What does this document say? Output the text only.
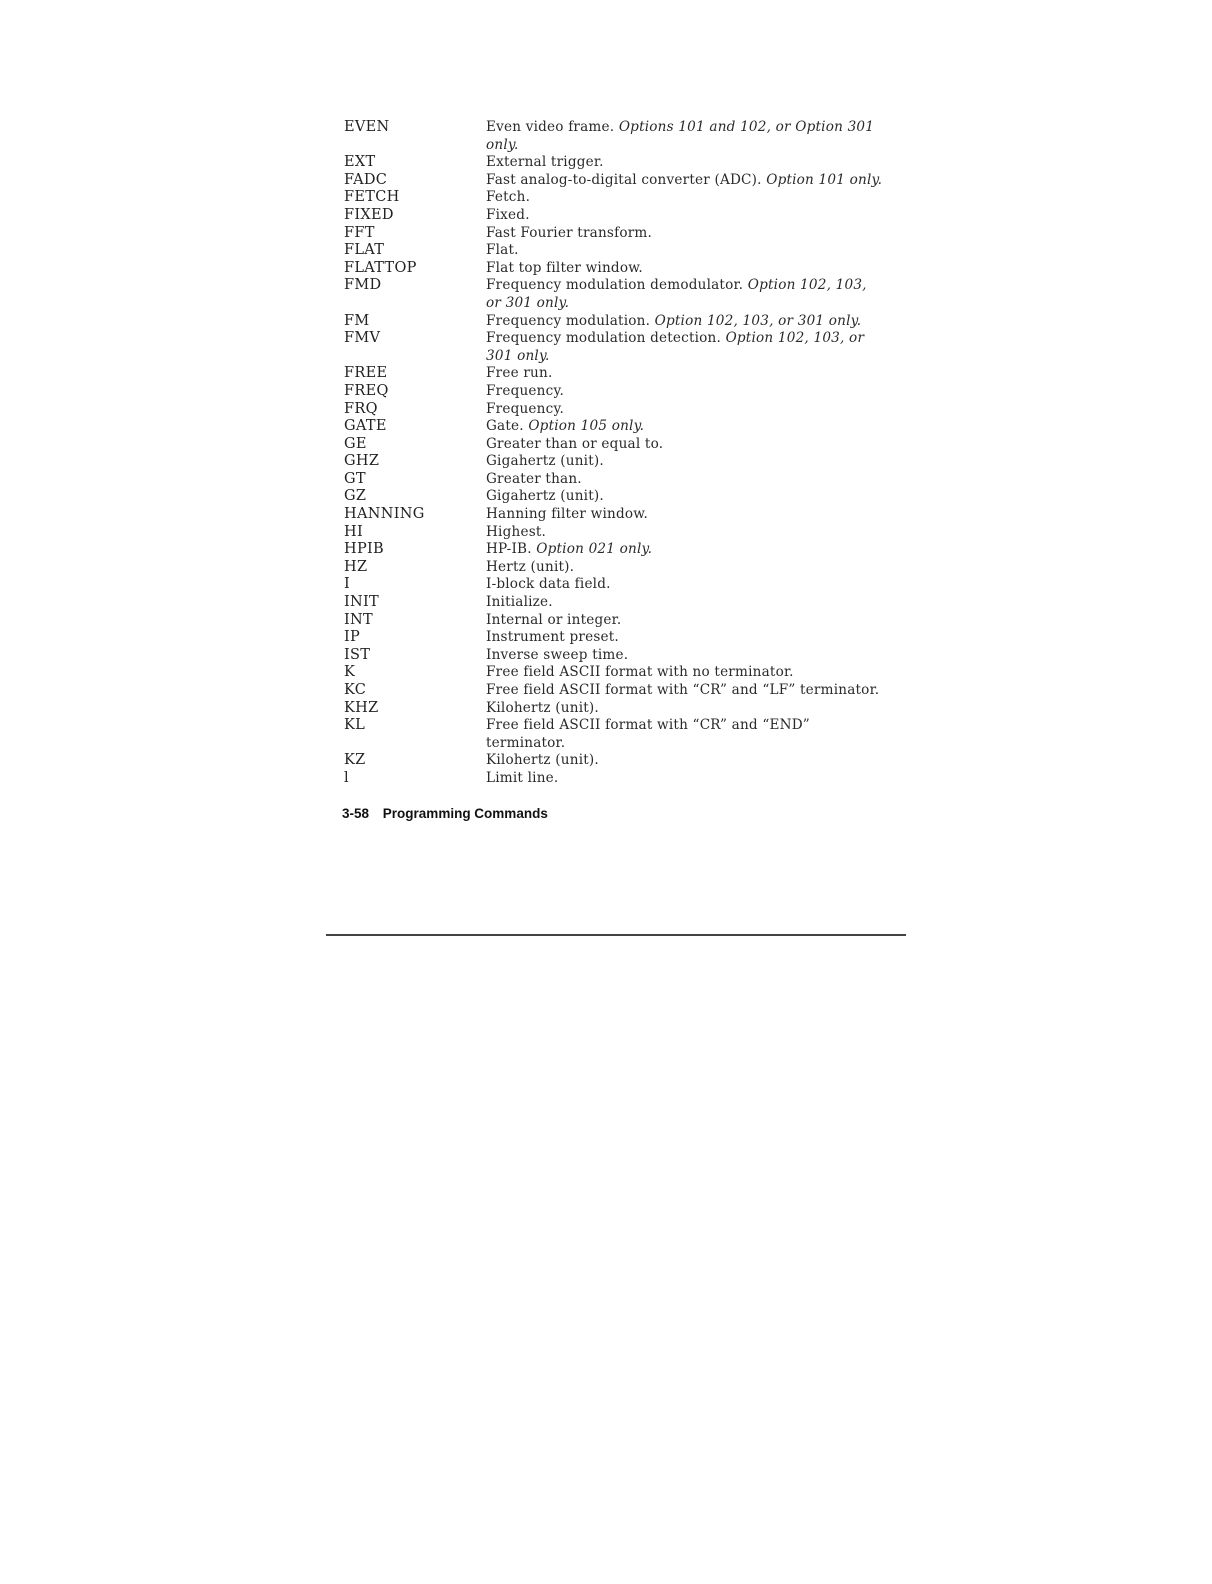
EVEN	Even video frame. Options 101 and 102, or Option 301 only.
EXT	External trigger.
FADC	Fast analog-to-digital converter (ADC). Option 101 only.
FETCH	Fetch.
FIXED	Fixed.
FFT	Fast Fourier transform.
FLAT	Flat.
FLATTOP	Flat top filter window.
FMD	Frequency modulation demodulator. Option 102, 103, or 301 only.
FM	Frequency modulation. Option 102, 103, or 301 only.
FMV	Frequency modulation detection. Option 102, 103, or 301 only.
FREE	Free run.
FREQ	Frequency.
FRQ	Frequency.
GATE	Gate. Option 105 only.
GE	Greater than or equal to.
GHZ	Gigahertz (unit).
GT	Greater than.
GZ	Gigahertz (unit).
HANNING	Hanning filter window.
HI	Highest.
HPIB	HP-IB. Option 021 only.
HZ	Hertz (unit).
I	I-block data field.
INIT	Initialize.
INT	Internal or integer.
IP	Instrument preset.
IST	Inverse sweep time.
K	Free field ASCII format with no terminator.
KC	Free field ASCII format with “CR” and “LF” terminator.
KHZ	Kilohertz (unit).
KL	Free field ASCII format with “CR” and “END” terminator.
KZ	Kilohertz (unit).
l	Limit line.
3-58 Programming Commands
